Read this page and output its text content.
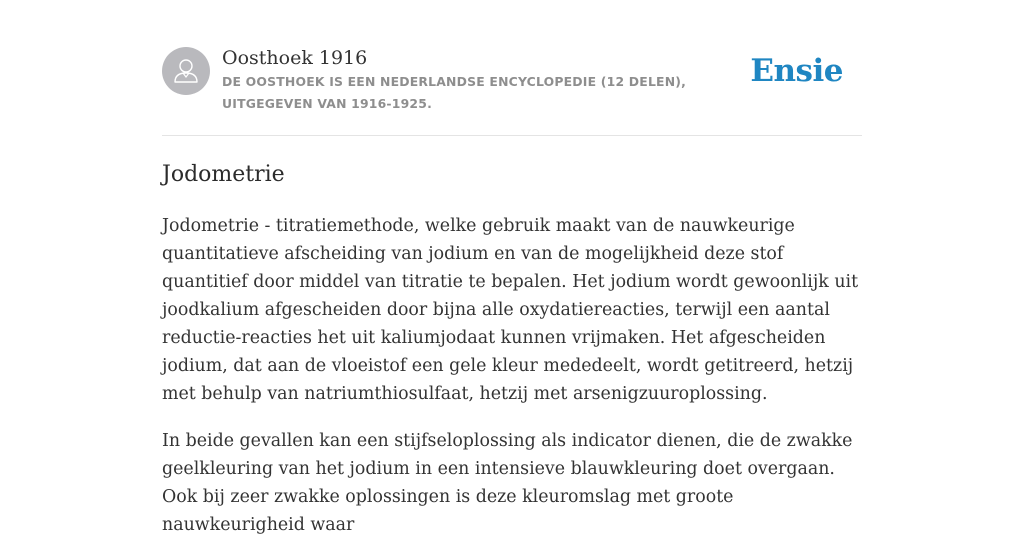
Oosthoek 1916
DE OOSTHOEK IS EEN NEDERLANDSE ENCYCLOPEDIE (12 DELEN), UITGEGEVEN VAN 1916-1925.
Ensie
Jodometrie

Jodometrie - titratiemethode, welke gebruik maakt van de nauwkeurige quantitatieve afscheiding van jodium en van de mogelijkheid deze stof quantitief door middel van titratie te bepalen. Het jodium wordt gewoonlijk uit joodkalium afgescheiden door bijna alle oxydatiereacties, terwijl een aantal reductie-reacties het uit kaliumjodaat kunnen vrijmaken. Het afgescheiden jodium, dat aan de vloeistof een gele kleur mededeelt, wordt getitreerd, hetzij met behulp van natriumthiosulfaat, hetzij met arsenigzuuroplossing.

In beide gevallen kan een stijfseloplossing als indicator dienen, die de zwakke geelkleuring van het jodium in een intensieve blauwkleuring doet overgaan. Ook bij zeer zwakke oplossingen is deze kleuromslag met groote nauwkeurigheid waar
